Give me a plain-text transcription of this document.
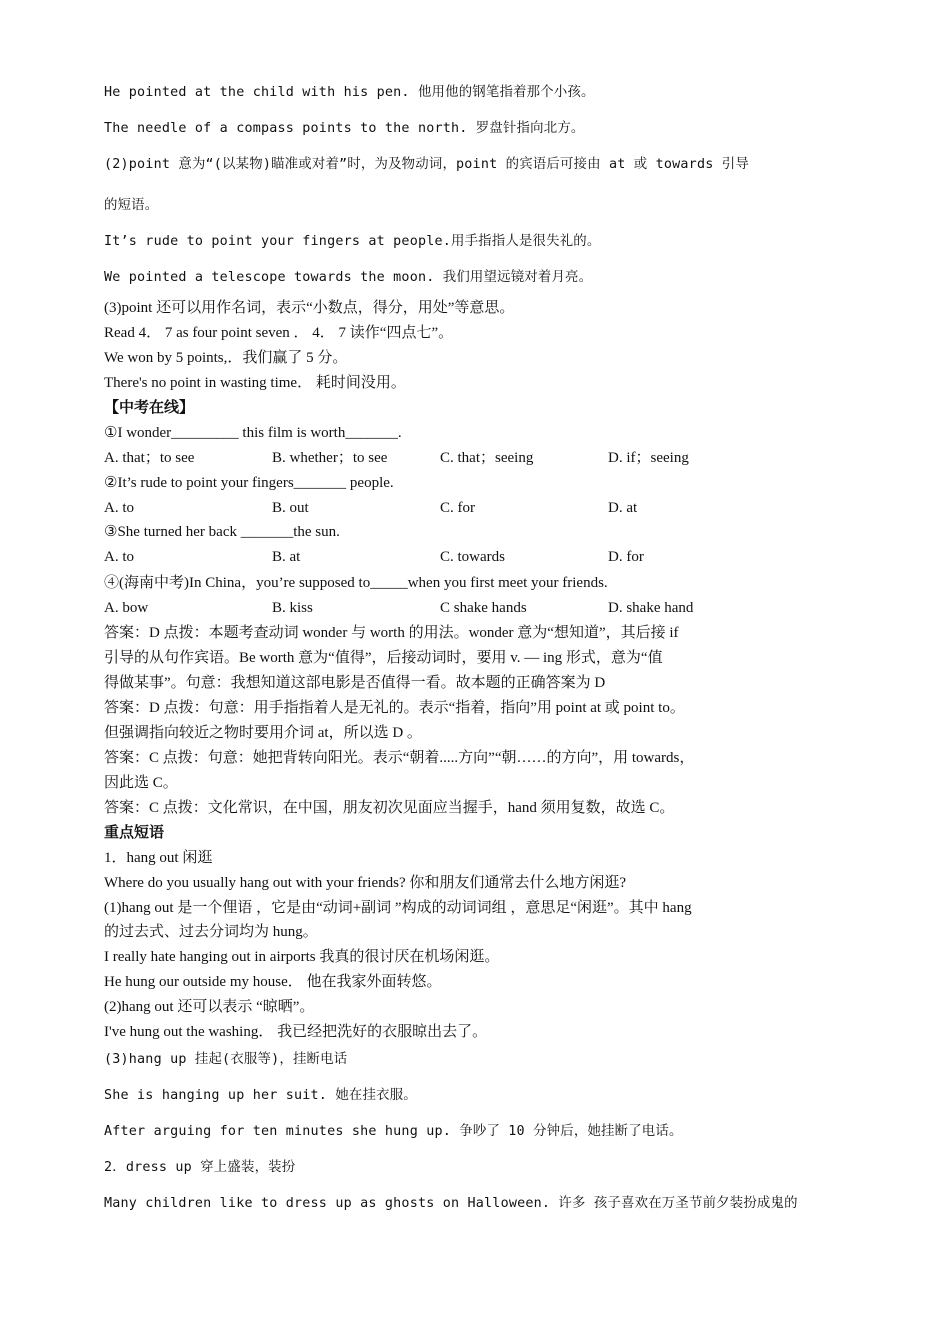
He pointed at the child with his pen. 他用他的钢笔指着那个小孩。
The needle of a compass points to the north. 罗盘针指向北方。
(2)point 意为“(以某物)瞄准或对着”时，为及物动词，point 的宾语后可接由 at 或 towards 引导
的短语。
It’s rude to point your fingers at people.用手指指人是很失礼的。
We pointed a telescope towards the moon. 我们用望远镜对着月亮。
(3)point 还可以用作名词，表示“小数点，得分，用处”等意思。
Read 4． 7 as four point seven ． 4． 7 读作“四点七”。
We won by 5 points,．我们赢了 5 分。
There's no point in wasting time． 耗时间没用。
【中考在线】
①I wonder_________ this film is worth_______.
A. that；to see	B. whether；to see	C. that；seeing	D. if；seeing
②It’s rude to point your fingers_______ people.
A. to	B. out	C. for	D. at
③She turned her back _______the sun.
A. to	B. at	C. towards	D. for
④(海南中考)In China，you’re supposed to_____when you first meet your friends.
A. bow	B. kiss	C shake hands	D. shake hand
答案：D 点拨：本题考查动词 wonder 与 worth 的用法。wonder 意为“想知道”，其后接 if
引导的从句作宾语。Be worth 意为“值得”，后接动词时，要用 v. — ing 形式，意为“值
得做某事”。句意：我想知道这部电影是否值得一看。故本题的正确答案为 D
答案：D 点拨：句意：用手指指着人是无礼的。表示“指着，指向”用 point at 或 point to。
但强调指向较近之物时要用介词 at，所以选 D 。
答案：C 点拨：句意：她把背转向阳光。表示“朝着.....方向”“朝……的方向”，用 towards，
因此选 C。
答案：C 点拨：文化常识，在中国，朋友初次见面应当握手，hand 须用复数，故选 C。
重点短语
1．hang out 闲逛
Where do you usually hang out with your friends? 你和朋友们通常去什么地方闲逛?
(1)hang out 是一个俚语 ，它是由“动词+副词 ”构成的动词词组 ，意思足“闲逛”。其中 hang
的过去式、过去分词均为 hung。
I really hate hanging out in airports 我真的很讨厌在机场闲逛。
He hung our outside my house． 他在我家外面转悠。
(2)hang out 还可以表示 “晾晒”。
I've hung out the washing． 我已经把洗好的衣服晾出去了。
(3)hang up 挂起(衣服等)，挂断电话
She is hanging up her suit. 她在挂衣服。
After arguing for ten minutes she hung up. 争吵了 10 分钟后，她挂断了电话。
2．dress up 穿上盛装，装扮
Many children like to dress up as ghosts on Halloween. 许多 孩子喜欢在万圣节前夕装扮成鬼的
